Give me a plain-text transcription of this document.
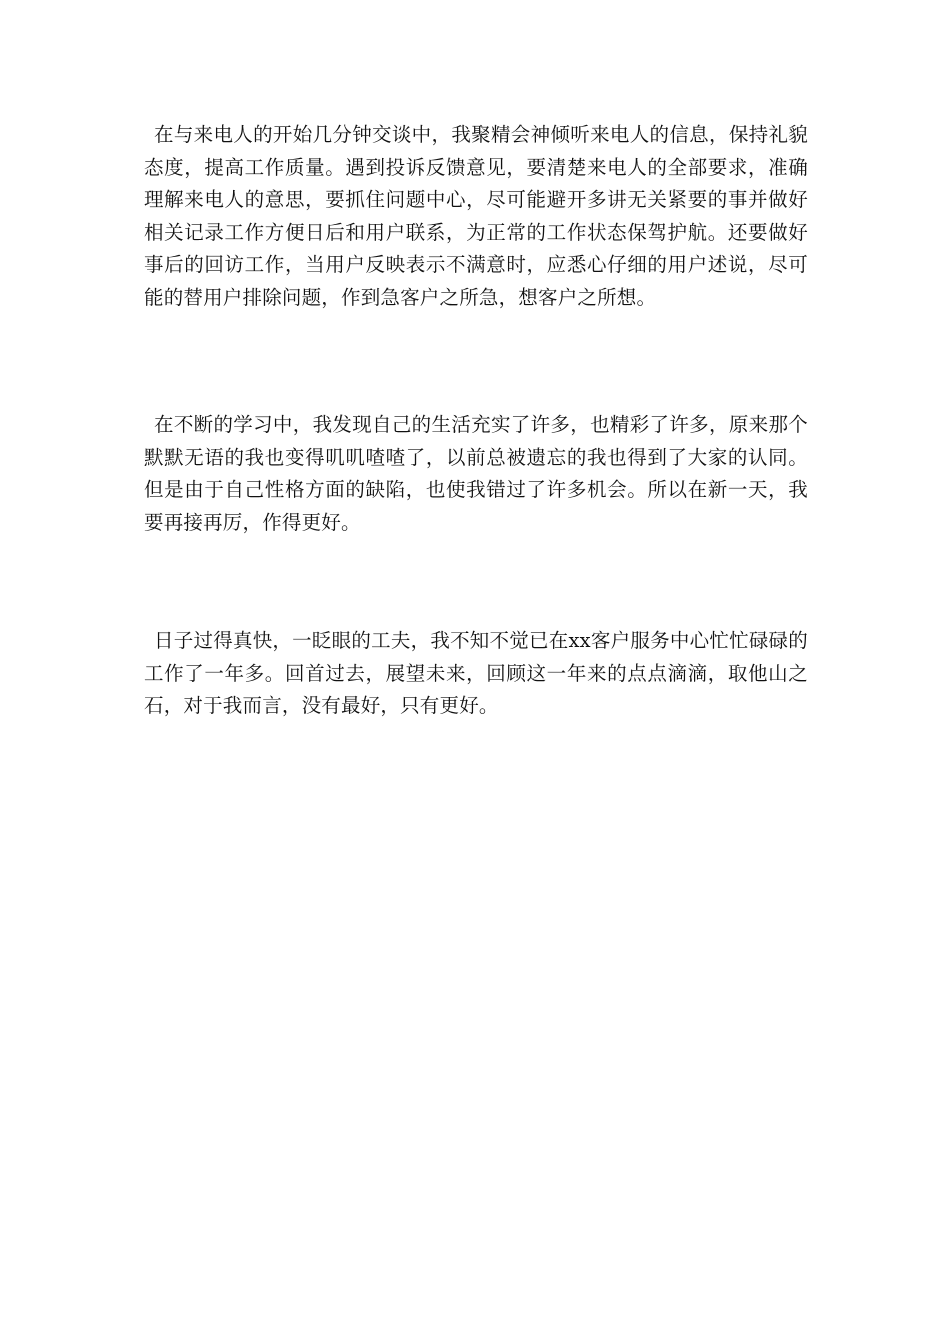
在与来电人的开始几分钟交谈中，我聚精会神倾听来电人的信息，保持礼貌态度，提高工作质量。遇到投诉反馈意见，要清楚来电人的全部要求，准确理解来电人的意思，要抓住问题中心，尽可能避开多讲无关紧要的事并做好相关记录工作方便日后和用户联系，为正常的工作状态保驾护航。还要做好事后的回访工作，当用户反映表示不满意时，应悉心仔细的用户述说，尽可能的替用户排除问题，作到急客户之所急，想客户之所想。

在不断的学习中，我发现自己的生活充实了许多，也精彩了许多，原来那个默默无语的我也变得叽叽喳喳了，以前总被遗忘的我也得到了大家的认同。但是由于自己性格方面的缺陷，也使我错过了许多机会。所以在新一天，我要再接再厉，作得更好。

日子过得真快，一眨眼的工夫，我不知不觉已在xx客户服务中心忙忙碌碌的工作了一年多。回首过去，展望未来，回顾这一年来的点点滴滴，取他山之石，对于我而言，没有最好，只有更好。
